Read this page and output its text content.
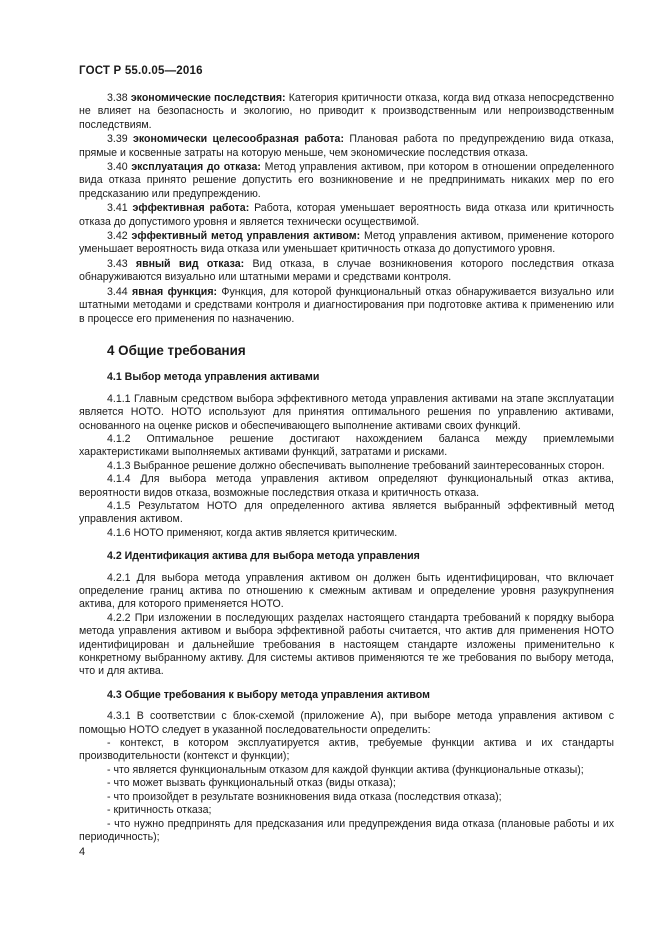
ГОСТ Р 55.0.05—2016

3.38 экономические последствия: Категория критичности отказа, когда вид отказа непосредственно не влияет на безопасность и экологию, но приводит к производственным или непроизводственным последствиям.

3.39 экономически целесообразная работа: Плановая работа по предупреждению вида отказа, прямые и косвенные затраты на которую меньше, чем экономические последствия отказа.

3.40 эксплуатация до отказа: Метод управления активом, при котором в отношении определенного вида отказа принято решение допустить его возникновение и не предпринимать никаких мер по его предсказанию или предупреждению.

3.41 эффективная работа: Работа, которая уменьшает вероятность вида отказа или критичность отказа до допустимого уровня и является технически осуществимой.

3.42 эффективный метод управления активом: Метод управления активом, применение которого уменьшает вероятность вида отказа или уменьшает критичность отказа до допустимого уровня.

3.43 явный вид отказа: Вид отказа, в случае возникновения которого последствия отказа обнаруживаются визуально или штатными мерами и средствами контроля.

3.44 явная функция: Функция, для которой функциональный отказ обнаруживается визуально или штатными методами и средствами контроля и диагностирования при подготовке актива к применению или в процессе его применения по назначению.

4 Общие требования
4.1 Выбор метода управления активами

4.1.1 Главным средством выбора эффективного метода управления активами на этапе эксплуатации является НОТО. НОТО используют для принятия оптимального решения по управлению активами, основанного на оценке рисков и обеспечивающего выполнение активами своих функций.

4.1.2 Оптимальное решение достигают нахождением баланса между приемлемыми характеристиками выполняемых активами функций, затратами и рисками.

4.1.3 Выбранное решение должно обеспечивать выполнение требований заинтересованных сторон.

4.1.4 Для выбора метода управления активом определяют функциональный отказ актива, вероятности видов отказа, возможные последствия отказа и критичность отказа.

4.1.5 Результатом НОТО для определенного актива является выбранный эффективный метод управления активом.

4.1.6 НОТО применяют, когда актив является критическим.

4.2 Идентификация актива для выбора метода управления

4.2.1 Для выбора метода управления активом он должен быть идентифицирован, что включает определение границ актива по отношению к смежным активам и определение уровня разукрупнения актива, для которого применяется НОТО.

4.2.2 При изложении в последующих разделах настоящего стандарта требований к порядку выбора метода управления активом и выбора эффективной работы считается, что актив для применения НОТО идентифицирован и дальнейшие требования в настоящем стандарте изложены применительно к конкретному выбранному активу. Для системы активов применяются те же требования по выбору метода, что и для актива.

4.3 Общие требования к выбору метода управления активом

4.3.1 В соответствии с блок-схемой (приложение А), при выборе метода управления активом с помощью НОТО следует в указанной последовательности определить:

- контекст, в котором эксплуатируется актив, требуемые функции актива и их стандарты производительности (контекст и функции);

- что является функциональным отказом для каждой функции актива (функциональные отказы);

- что может вызвать функциональный отказ (виды отказа);

- что произойдет в результате возникновения вида отказа (последствия отказа);

- критичность отказа;

- что нужно предпринять для предсказания или предупреждения вида отказа (плановые работы и их периодичность);

4
